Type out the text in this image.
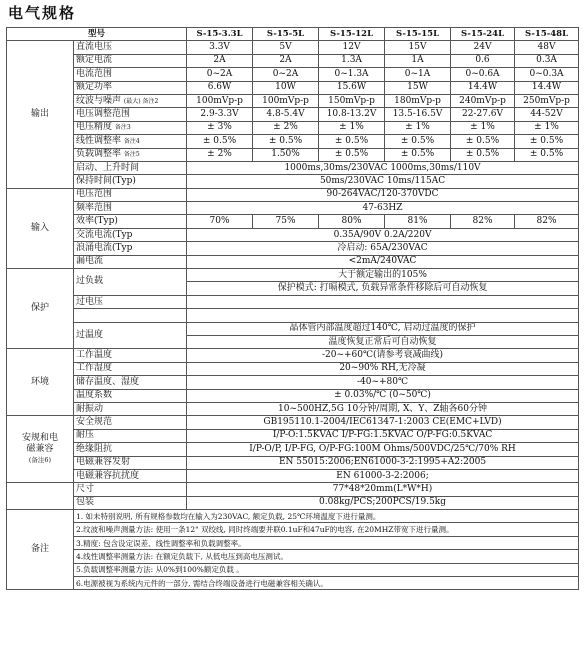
电气规格
型号		S-15-3.3L	S-15-5L	S-15-12L	S-15-15L	S-15-24L	S-15-48L
输出	直流电压	3.3V	5V	12V	15V	24V	48V
	额定电流	2A	2A	1.3A	1A	0.6	0.3A
	电流范围	0~2A	0~2A	0~1.3A	0~1A	0~0.6A	0~0.3A
	额定功率	6.6W	10W	15.6W	15W	14.4W	14.4W
	纹波与噪声 (最大) 备注2	100mVp-p	100mVp-p	150mVp-p	180mVp-p	240mVp-p	250mVp-p
	电压调整范围	2.9-3.3V	4.8-5.4V	10.8-13.2V	13.5-16.5V	22-27.6V	44-52V
	电压精度 备注3	± 3%	± 2%	± 1%	± 1%	± 1%	± 1%
	线性调整率 备注4	± 0.5%	± 0.5%	± 0.5%	± 0.5%	± 0.5%	± 0.5%
	负载调整率 备注5	± 2%	1.50%	± 0.5%	± 0.5%	± 0.5%	± 0.5%
	启动、上升时间	1000ms,30ms/230VAC 1000ms,30ms/110V					
	保持时间(Typ)	50ms/230VAC 10ms/115AC					
输入	电压范围	90-264VAC/120-370VDC					
	频率范围	47-63HZ					
	效率(Typ)	70%	75%	80%	81%	82%	82%
	交流电流(Typ	0.35A/90V 0.2A/220V					
	浪涌电流(Typ	冷启动: 65A/230VAC					
	漏电流	<2mA/240VAC					
保护	过负载	大于额定输出的105%					
		保护模式: 打嗝模式, 负载异常条件移除后可自动恢复					
	过电压						

	过温度	晶体管内部温度超过140℃, 启动过温度的保护					
		温度恢复正常后可自动恢复					
环境	工作温度	-20~+60℃(请参考衰减曲线)					
	工作湿度	20~90% RH,无冷凝					
	储存温度、湿度	-40~+80℃					
	温度系数	± 0.03%/℃ (0~50℃)					
	耐振动	10~500HZ,5G 10分钟/周期, X、Y、Z轴各60分钟					

安规和电
磁兼容
(备注6)	安全规范	GB195110.1-2004/IEC61347-1:2003 CE(EMC+LVD)					
	耐压	I/P-O:1.5KVAC I/P-FG:1.5KVAC O/P-FG:0.5KVAC					
	绝缘阻抗	I/P-O/P, I/P-FG, O/P-FG:100M Ohms/500VDC/25℃/70% RH					
	电磁兼容发射	EN 55015:2006;EN61000-3-2:1995+A2:2005					
	电磁兼容抗扰度	EN 61000-3-2:2006;					
	尺寸	77*48*20mm(L*W*H)					
	包装	0.08kg/PCS;200PCS/19.5kg					
备注	1. 如未特别说明, 所有规格参数均在输入为230VAC, 额定负载, 25℃环境温度下进行量测。						
	2.纹波和噪声测量方法: 使用一条12" 双绞线, 同时终端要并联0.1uF和47uF的电容, 在20MHZ带宽下进行量测。						
	3.精度: 包含设定误差、线性调整率和负载调整率。						
	4.线性调整率测量方法: 在额定负载下, 从低电压到高电压测试。						
	5.负载调整率测量方法: 从0%到100%额定负载 。						
	6.电源被视为系统内元件的一部分, 需结合终端设备进行电磁兼容相关确认。						
